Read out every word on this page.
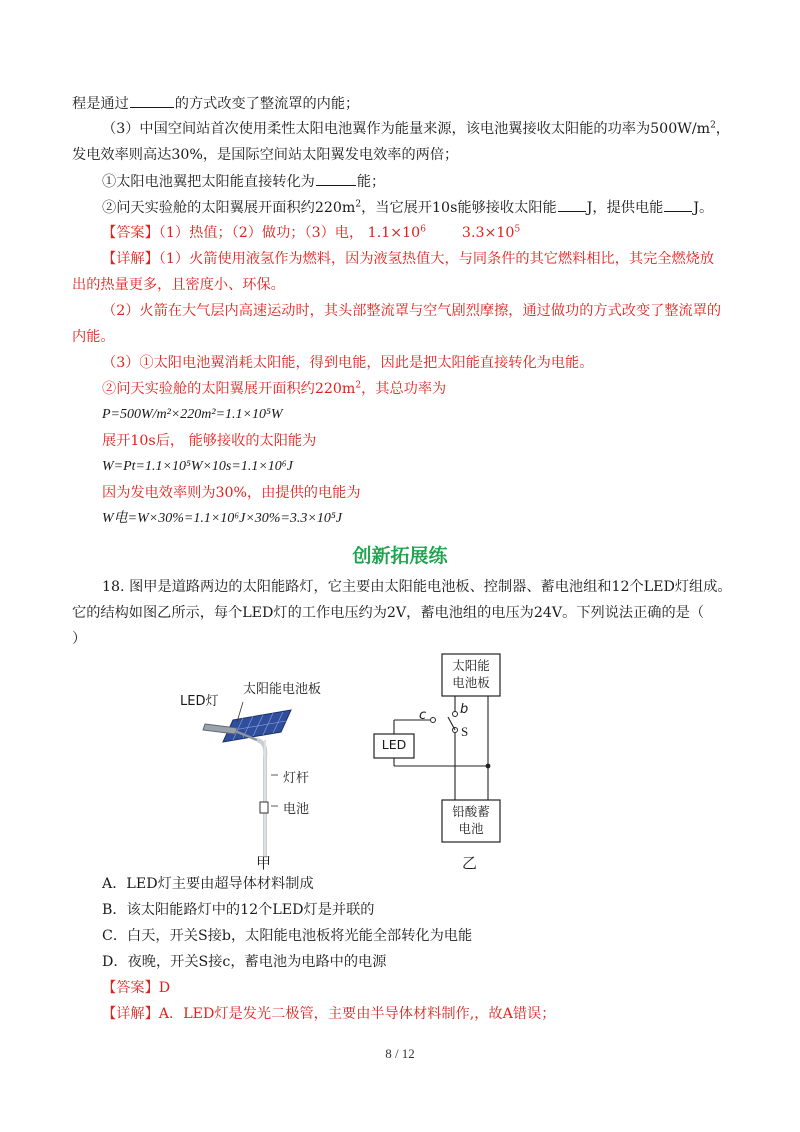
程是通过	的方式改变了整流罩的内能；
（3）中国空间站首次使用柔性太阳电池翼作为能量来源，该电池翼接收太阳能的功率为$500W/m^2$，
发电效率则高达30%，是国际空间站太阳翼发电效率的两倍；
①太阳电池翼把太阳能直接转化为	能；
②问天实验舱的太阳翼展开面积约$220m^2$，当它展开10s能够接收太阳能 J，提供电能 J。
【答案】（1）热值；（2）做功；（3）电， $1.1\times 10^6$	$3.3\times 10^5$
【详解】（1）火箭使用液氢作为燃料，因为液氢热值大，与同条件的其它燃料相比，其完全燃烧放
出的热量更多，且密度小、环保。
（2）火箭在大气层内高速运动时，其头部整流罩与空气剧烈摩擦，通过做功的方式改变了整流罩的
内能。
（3）①太阳电池翼消耗太阳能，得到电能，因此是把太阳能直接转化为电能。
②问天实验舱的太阳翼展开面积约$220m^2$，其总功率为
P=500W/m²×220m²=1.1×10⁵W
展开10s后， 能够接收的太阳能为
W=Pt=1.1×10⁵W×10s=1.1×10⁶J
因为发电效率则为30%，由提供的电能为
W电=W×30%=1.1×10⁶J×30%=3.3×10⁵J
创新拓展练
18. 图甲是道路两边的太阳能路灯，它主要由太阳能电池板、控制器、蓄电池组和12个LED灯组成。
它的结构如图乙所示，每个LED灯的工作电压约为2V，蓄电池组的电压为24V。下列说法正确的是（
）
LED灯
太阳能电池板
灯杆
电池
甲
太阳能
电池板
LED
铅酸蓄
电池
c	b
S
乙
A．LED灯主要由超导体材料制成
B．该太阳能路灯中的12个LED灯是并联的
C．白天，开关S接b，太阳能电池板将光能全部转化为电能
D．夜晚，开关S接c，蓄电池为电路中的电源
【答案】D
【详解】A．LED灯是发光二极管，主要由半导体材料制作,，故A错误；
8 / 12
